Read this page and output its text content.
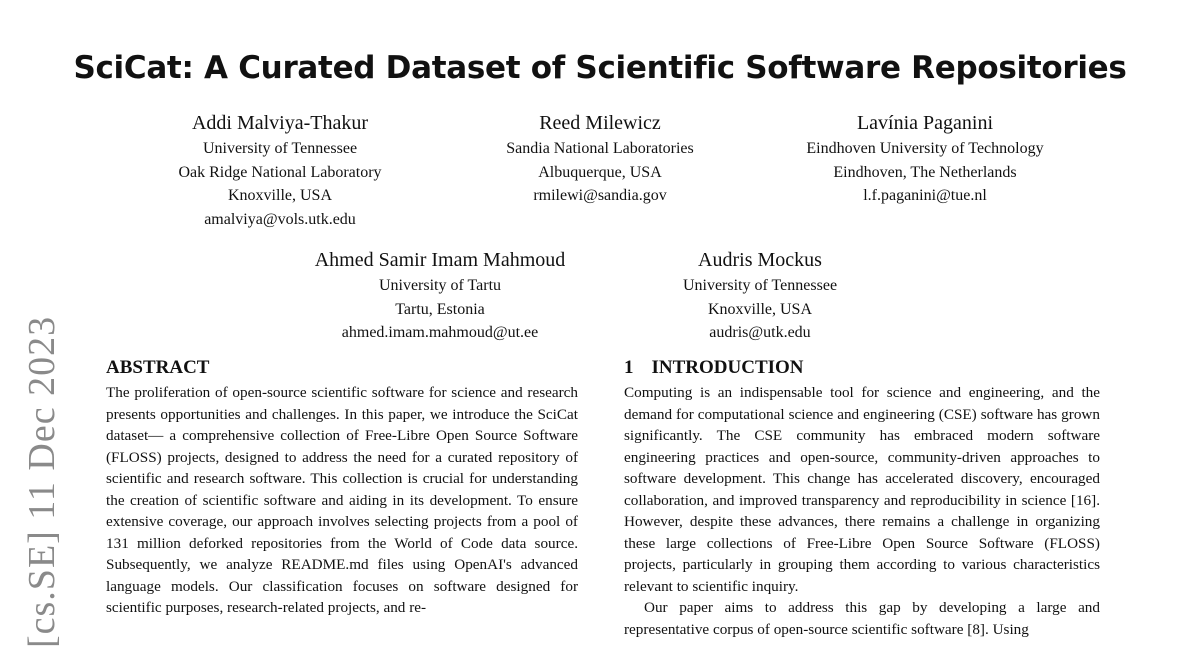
[cs.SE] 11 Dec 2023
SciCat: A Curated Dataset of Scientific Software Repositories
Addi Malviya-Thakur
University of Tennessee
Oak Ridge National Laboratory
Knoxville, USA
amalviya@vols.utk.edu
Reed Milewicz
Sandia National Laboratories
Albuquerque, USA
rmilewi@sandia.gov
Lavínia Paganini
Eindhoven University of Technology
Eindhoven, The Netherlands
l.f.paganini@tue.nl
Ahmed Samir Imam Mahmoud
University of Tartu
Tartu, Estonia
ahmed.imam.mahmoud@ut.ee
Audris Mockus
University of Tennessee
Knoxville, USA
audris@utk.edu
ABSTRACT

The proliferation of open-source scientific software for science and research presents opportunities and challenges. In this paper, we introduce the SciCat dataset— a comprehensive collection of Free-Libre Open Source Software (FLOSS) projects, designed to address the need for a curated repository of scientific and research software. This collection is crucial for understanding the creation of scientific software and aiding in its development. To ensure extensive coverage, our approach involves selecting projects from a pool of 131 million deforked repositories from the World of Code data source. Subsequently, we analyze README.md files using OpenAI's advanced language models. Our classification focuses on software designed for scientific purposes, research-related projects, and re-

1 INTRODUCTION

Computing is an indispensable tool for science and engineering, and the demand for computational science and engineering (CSE) software has grown significantly. The CSE community has embraced modern software engineering practices and open-source, community-driven approaches to software development. This change has accelerated discovery, encouraged collaboration, and improved transparency and reproducibility in science [16]. However, despite these advances, there remains a challenge in organizing these large collections of Free-Libre Open Source Software (FLOSS) projects, particularly in grouping them according to various characteristics relevant to scientific inquiry.

Our paper aims to address this gap by developing a large and representative corpus of open-source scientific software [8]. Using
